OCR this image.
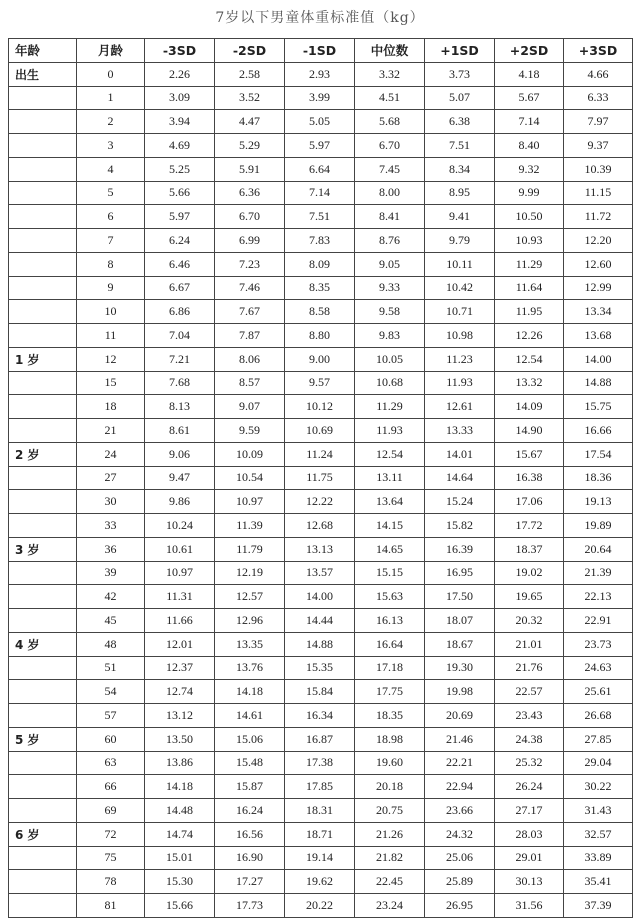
7岁以下男童体重标准值（kg）
年龄	月龄	-3SD	-2SD	-1SD	中位数	+1SD	+2SD	+3SD
出生	0	2.26	2.58	2.93	3.32	3.73	4.18	4.66
	1	3.09	3.52	3.99	4.51	5.07	5.67	6.33
	2	3.94	4.47	5.05	5.68	6.38	7.14	7.97
	3	4.69	5.29	5.97	6.70	7.51	8.40	9.37
	4	5.25	5.91	6.64	7.45	8.34	9.32	10.39
	5	5.66	6.36	7.14	8.00	8.95	9.99	11.15
	6	5.97	6.70	7.51	8.41	9.41	10.50	11.72
	7	6.24	6.99	7.83	8.76	9.79	10.93	12.20
	8	6.46	7.23	8.09	9.05	10.11	11.29	12.60
	9	6.67	7.46	8.35	9.33	10.42	11.64	12.99
	10	6.86	7.67	8.58	9.58	10.71	11.95	13.34
	11	7.04	7.87	8.80	9.83	10.98	12.26	13.68
1 岁	12	7.21	8.06	9.00	10.05	11.23	12.54	14.00
	15	7.68	8.57	9.57	10.68	11.93	13.32	14.88
	18	8.13	9.07	10.12	11.29	12.61	14.09	15.75
	21	8.61	9.59	10.69	11.93	13.33	14.90	16.66
2 岁	24	9.06	10.09	11.24	12.54	14.01	15.67	17.54
	27	9.47	10.54	11.75	13.11	14.64	16.38	18.36
	30	9.86	10.97	12.22	13.64	15.24	17.06	19.13
	33	10.24	11.39	12.68	14.15	15.82	17.72	19.89
3 岁	36	10.61	11.79	13.13	14.65	16.39	18.37	20.64
	39	10.97	12.19	13.57	15.15	16.95	19.02	21.39
	42	11.31	12.57	14.00	15.63	17.50	19.65	22.13
	45	11.66	12.96	14.44	16.13	18.07	20.32	22.91
4 岁	48	12.01	13.35	14.88	16.64	18.67	21.01	23.73
	51	12.37	13.76	15.35	17.18	19.30	21.76	24.63
	54	12.74	14.18	15.84	17.75	19.98	22.57	25.61
	57	13.12	14.61	16.34	18.35	20.69	23.43	26.68
5 岁	60	13.50	15.06	16.87	18.98	21.46	24.38	27.85
	63	13.86	15.48	17.38	19.60	22.21	25.32	29.04
	66	14.18	15.87	17.85	20.18	22.94	26.24	30.22
	69	14.48	16.24	18.31	20.75	23.66	27.17	31.43
6 岁	72	14.74	16.56	18.71	21.26	24.32	28.03	32.57
	75	15.01	16.90	19.14	21.82	25.06	29.01	33.89
	78	15.30	17.27	19.62	22.45	25.89	30.13	35.41
	81	15.66	17.73	20.22	23.24	26.95	31.56	37.39
